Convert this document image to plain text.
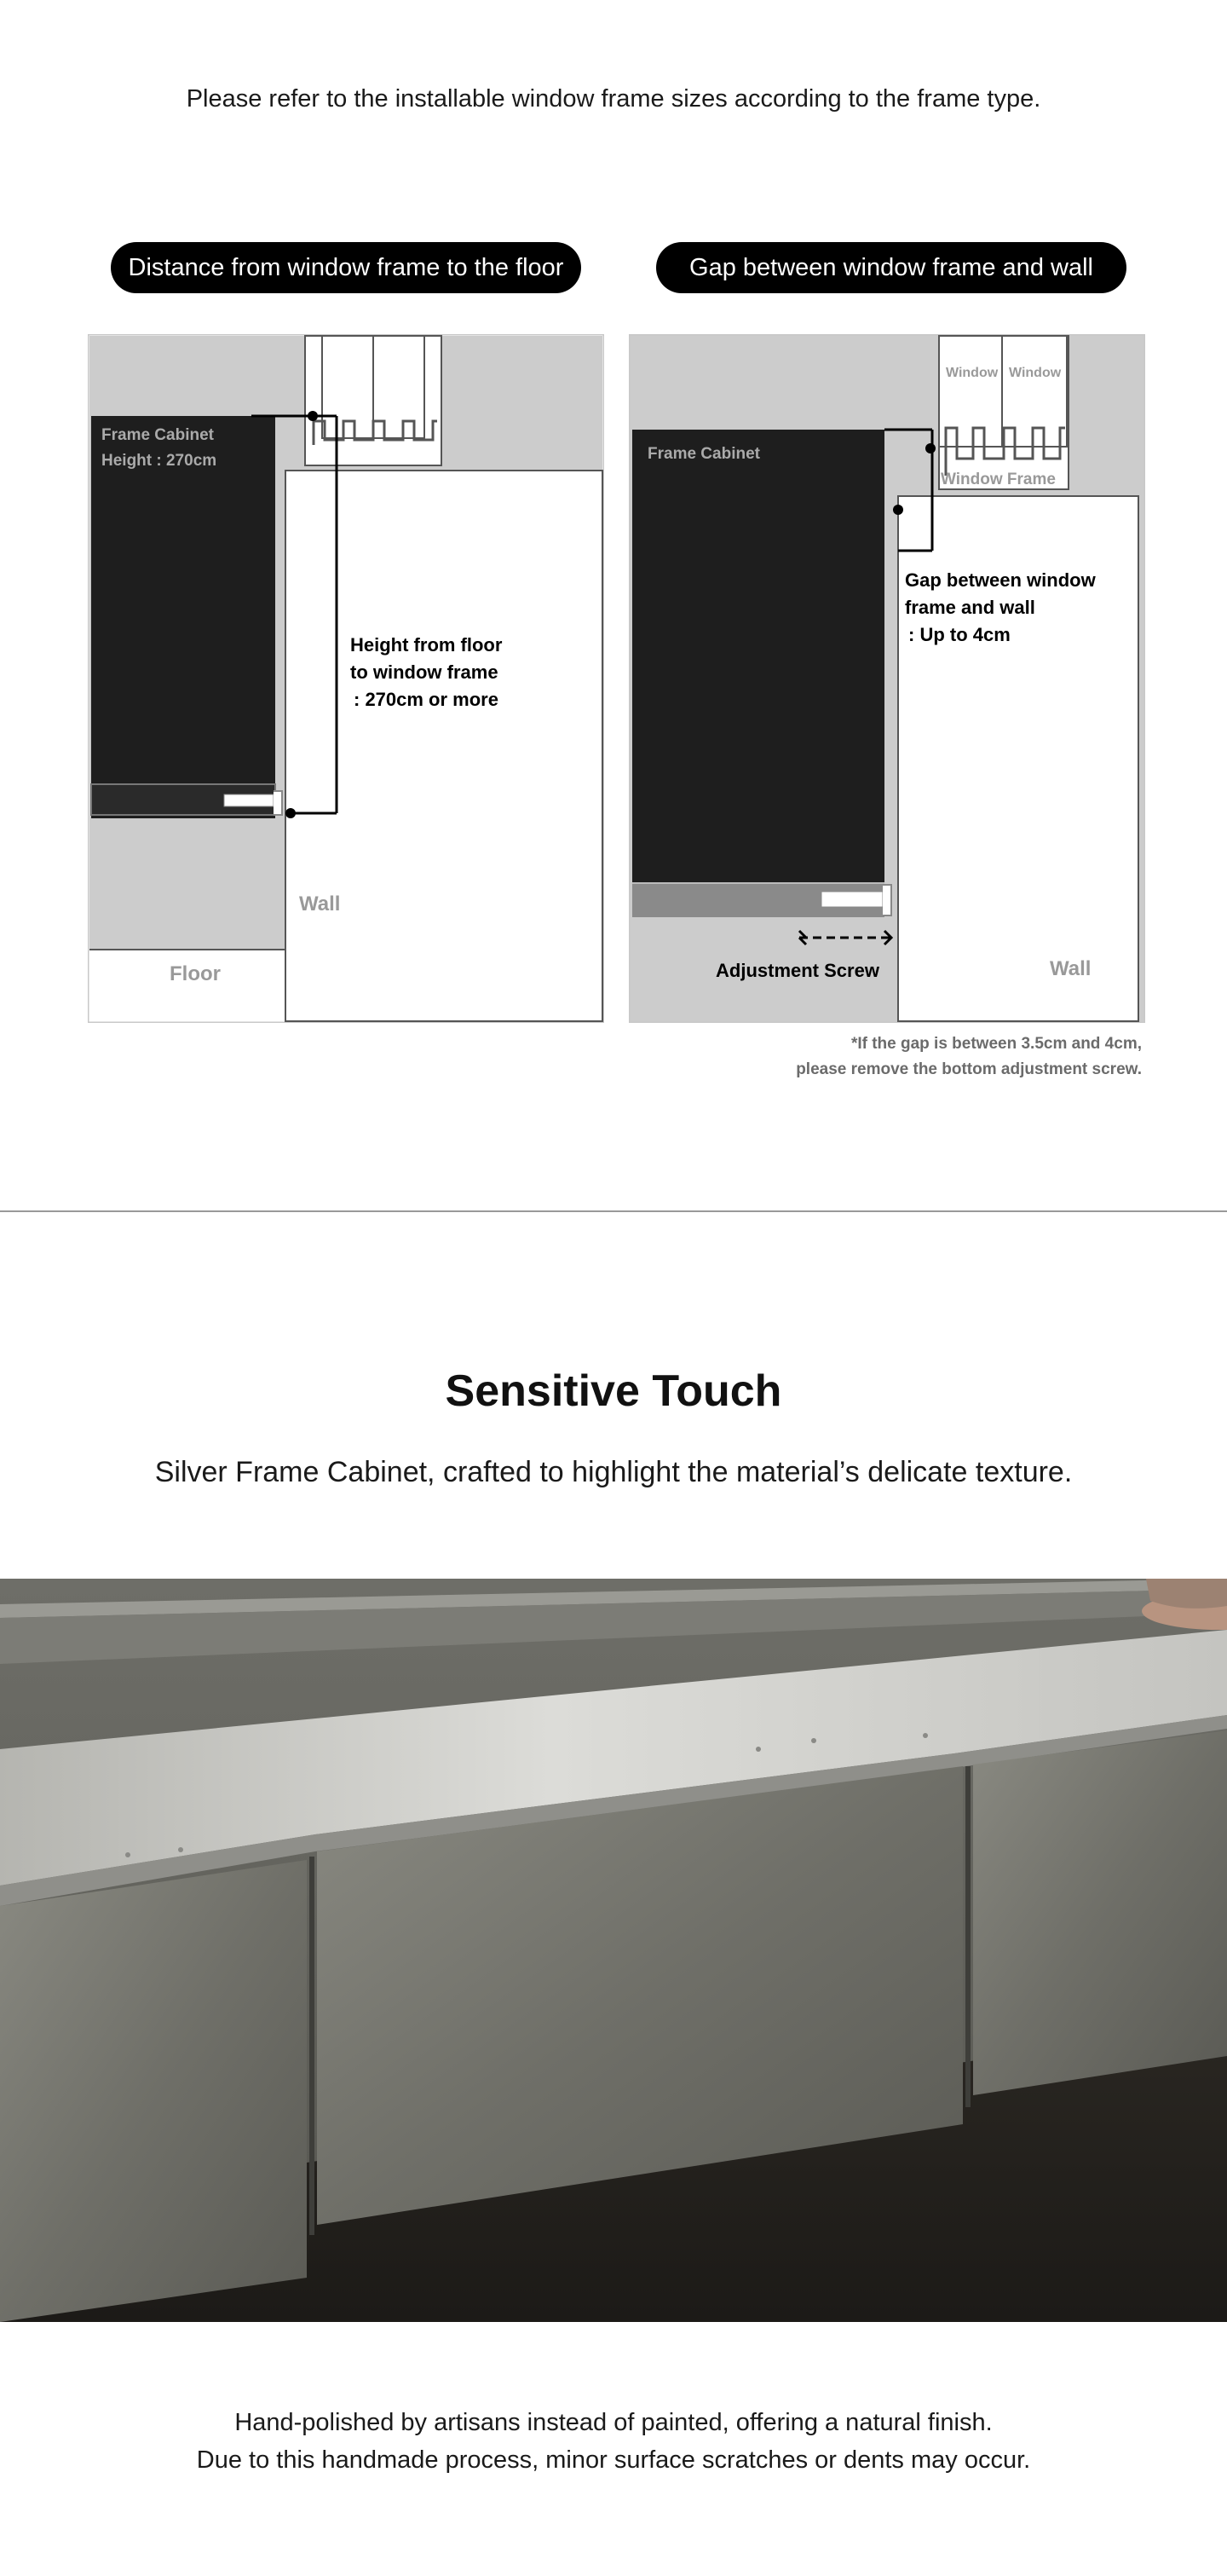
Please refer to the installable window frame sizes according to the frame type.
Distance from window frame to the floor	Gap between window frame and wall
Frame Cabinet
Height : 270cm
Height from floor
to window frame
: 270cm or more
Wall
Floor
Window Window
Window Frame
Frame Cabinet
Gap between window
frame and wall
: Up to 4cm
Adjustment Screw	Wall
*If the gap is between 3.5cm and 4cm,
please remove the bottom adjustment screw.
Sensitive Touch
Silver Frame Cabinet, crafted to highlight the material’s delicate texture.
Hand-polished by artisans instead of painted, offering a natural finish.
Due to this handmade process, minor surface scratches or dents may occur.
